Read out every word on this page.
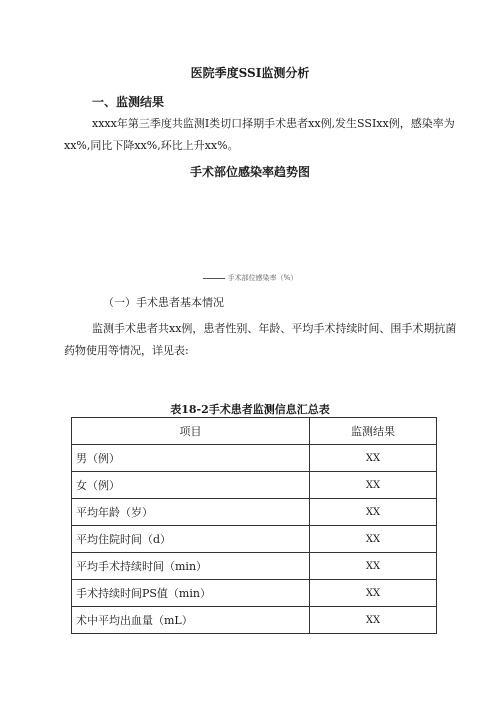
医院季度SSI监测分析
一、监测结果
xxxx年第三季度共监测I类切口择期手术患者xx例,发生SSIxx例，感染率为
xx%,同比下降xx%,环比上升xx%。
手术部位感染率趋势图
手术部位感染率（%）
（一）手术患者基本情况
监测手术患者共xx例，患者性别、年龄、平均手术持续时间、围手术期抗菌
药物使用等情况，详见表:
表18-2手术患者监测信息汇总表
项目	监测结果
男（例）	XX
女（例）	XX
平均年龄（岁）	XX
平均住院时间（d）	XX
平均手术持续时间（min）	XX
手术持续时间PS值（min）	XX
术中平均出血量（mL）	XX
